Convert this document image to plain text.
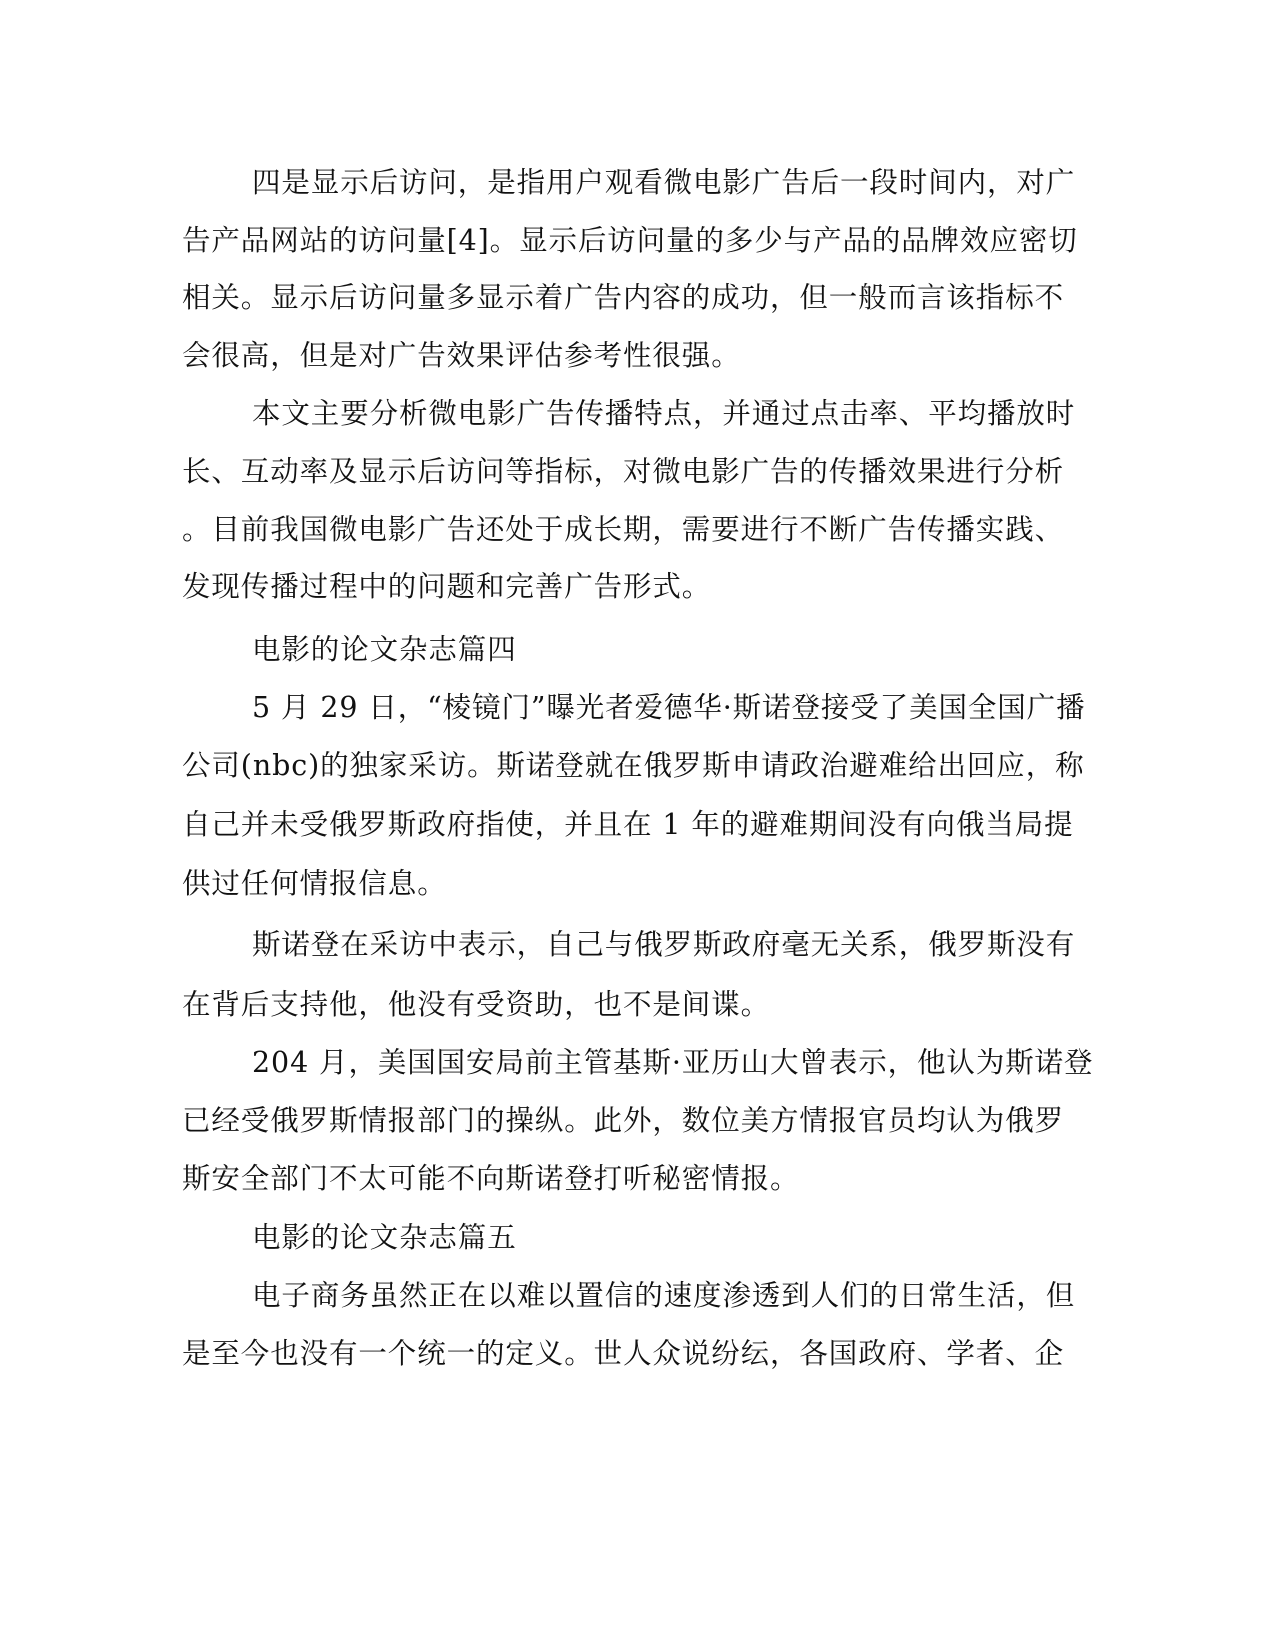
四是显示后访问，是指用户观看微电影广告后一段时间内，对广

告产品网站的访问量[4]。显示后访问量的多少与产品的品牌效应密切

相关。显示后访问量多显示着广告内容的成功，但一般而言该指标不

会很高，但是对广告效果评估参考性很强。

本文主要分析微电影广告传播特点，并通过点击率、平均播放时

长、互动率及显示后访问等指标，对微电影广告的传播效果进行分析

。目前我国微电影广告还处于成长期，需要进行不断广告传播实践、

发现传播过程中的问题和完善广告形式。

电影的论文杂志篇四

5 月 29 日，“棱镜门”曝光者爱德华·斯诺登接受了美国全国广播

公司(nbc)的独家采访。斯诺登就在俄罗斯申请政治避难给出回应，称

自己并未受俄罗斯政府指使，并且在 1 年的避难期间没有向俄当局提

供过任何情报信息。

斯诺登在采访中表示，自己与俄罗斯政府毫无关系，俄罗斯没有

在背后支持他，他没有受资助，也不是间谍。

204 月，美国国安局前主管基斯·亚历山大曾表示，他认为斯诺登

已经受俄罗斯情报部门的操纵。此外，数位美方情报官员均认为俄罗

斯安全部门不太可能不向斯诺登打听秘密情报。

电影的论文杂志篇五

电子商务虽然正在以难以置信的速度渗透到人们的日常生活，但

是至今也没有一个统一的定义。世人众说纷纭，各国政府、学者、企
